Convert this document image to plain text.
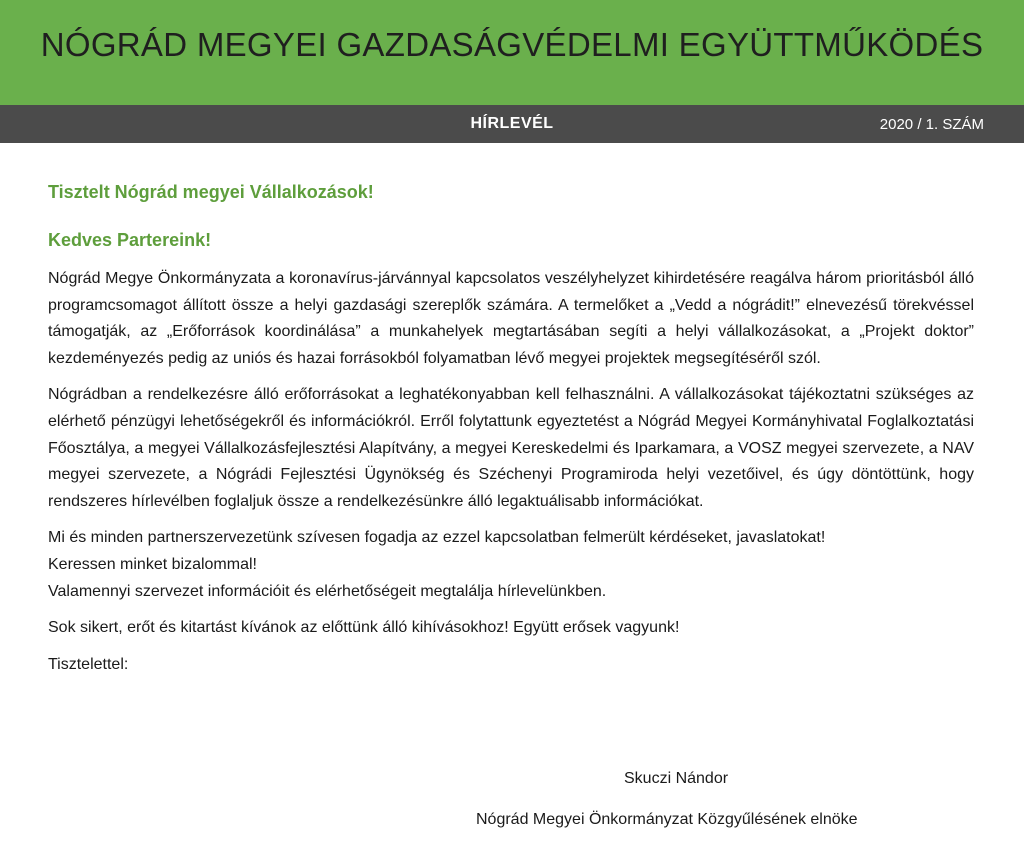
NÓGRÁD MEGYEI GAZDASÁGVÉDELMI EGYÜTTMŰKÖDÉS
HÍRLEVÉL	2020 / 1. SZÁM

Tisztelt Nógrád megyei Vállalkozások!

Kedves Partereink!

Nógrád Megye Önkormányzata a koronavírus-járvánnyal kapcsolatos veszélyhelyzet kihirdetésére reagálva három prioritásból álló programcsomagot állított össze a helyi gazdasági szereplők számára. A termelőket a „Vedd a nógrádit!” elnevezésű törekvéssel támogatják, az „Erőforrások koordinálása” a munkahelyek megtartásában segíti a helyi vállalkozásokat, a „Projekt doktor” kezdeményezés pedig az uniós és hazai forrásokból folyamatban lévő megyei projektek megsegítéséről szól.

Nógrádban a rendelkezésre álló erőforrásokat a leghatékonyabban kell felhasználni. A vállalkozásokat tájékoztatni szükséges az elérhető pénzügyi lehetőségekről és információkról. Erről folytattunk egyeztetést a Nógrád Megyei Kormányhivatal Foglalkoztatási Főosztálya, a megyei Vállalkozásfejlesztési Alapítvány, a megyei Kereskedelmi és Iparkamara, a VOSZ megyei szervezete, a NAV megyei szervezete, a Nógrádi Fejlesztési Ügynökség és Széchenyi Programiroda helyi vezetőivel, és úgy döntöttünk, hogy rendszeres hírlevélben foglaljuk össze a rendelkezésünkre álló legaktuálisabb információkat.

Mi és minden partnerszervezetünk szívesen fogadja az ezzel kapcsolatban felmerült kérdéseket, javaslatokat!
Keressen minket bizalommal!
Valamennyi szervezet információit és elérhetőségeit megtalálja hírlevelünkben.

Sok sikert, erőt és kitartást kívánok az előttünk álló kihívásokhoz! Együtt erősek vagyunk!

Tisztelettel:

Skuczi Nándor
Nógrád Megyei Önkormányzat Közgyűlésének elnöke
